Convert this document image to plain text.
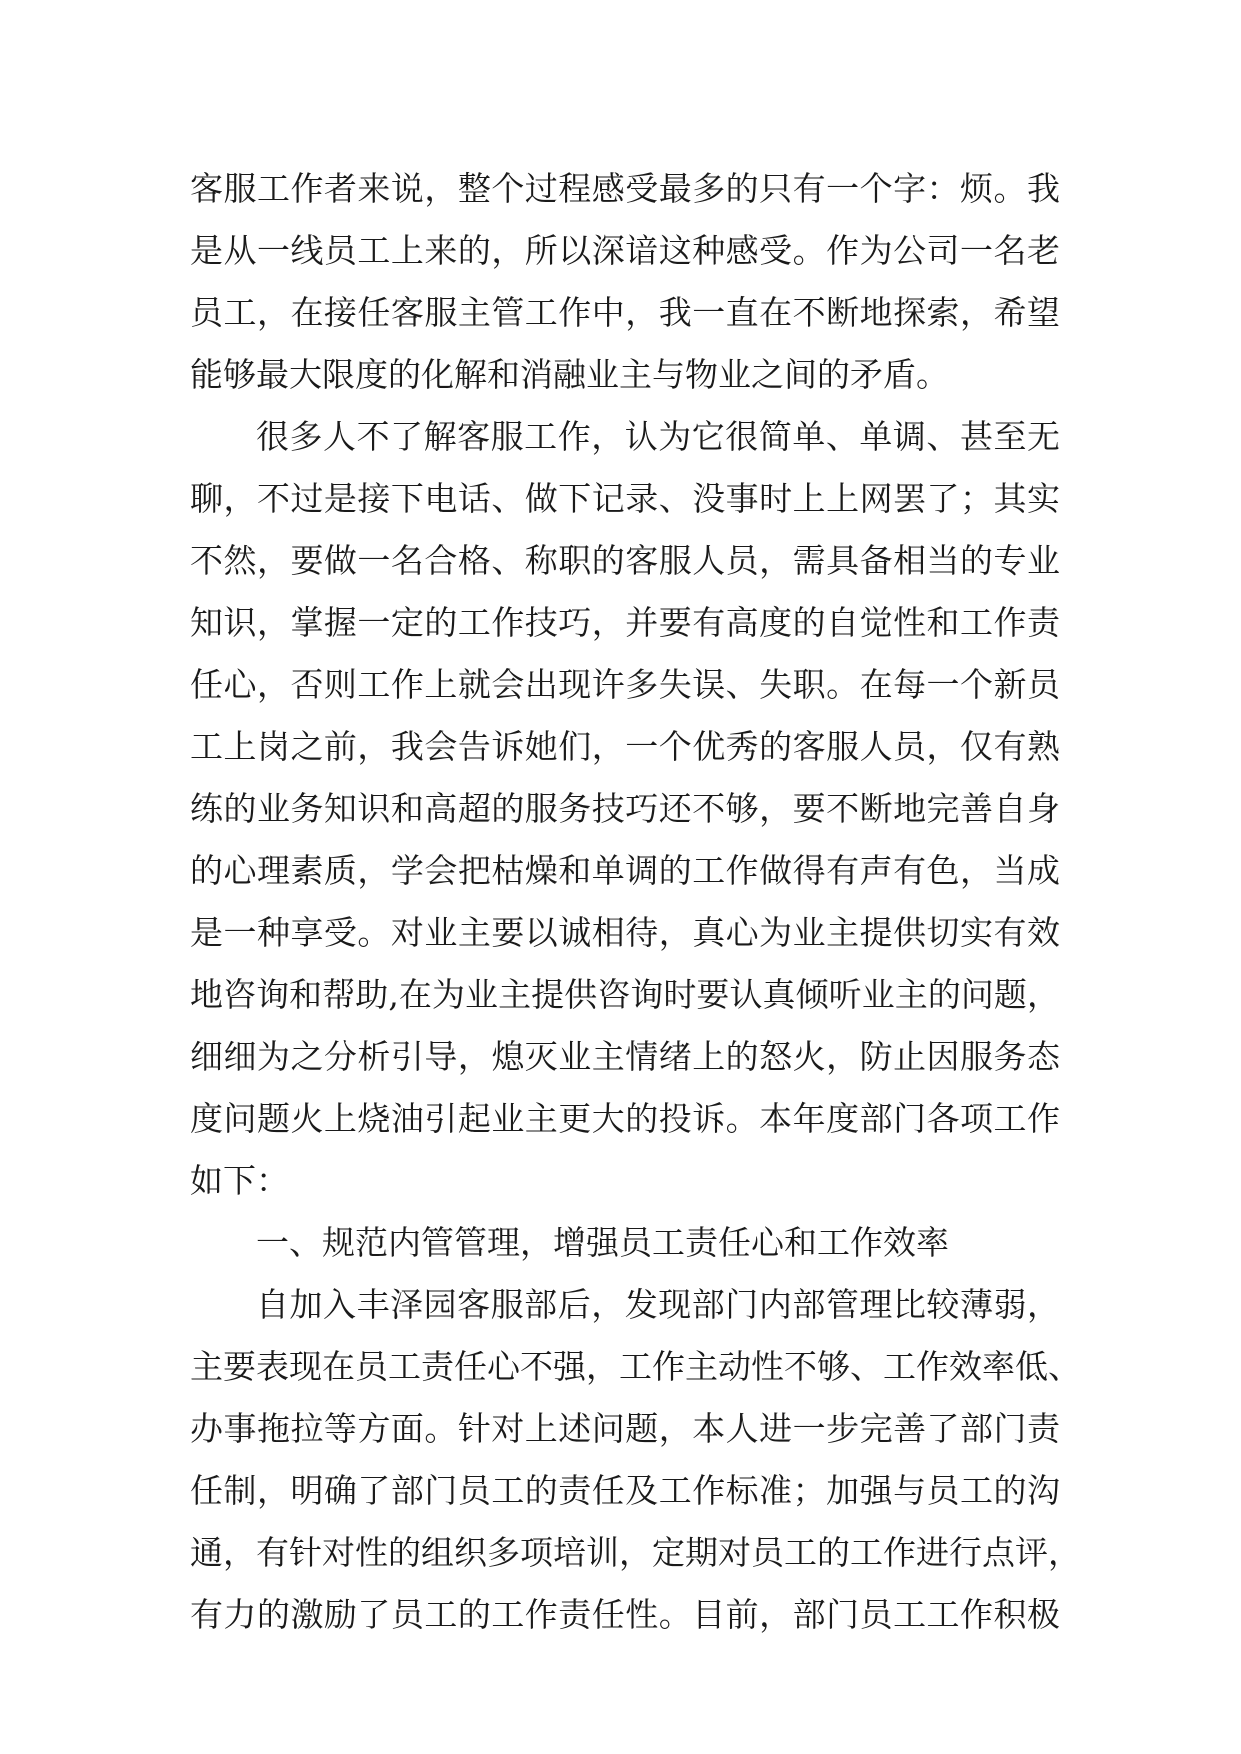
客服工作者来说，整个过程感受最多的只有一个字：烦。我
是从一线员工上来的，所以深谙这种感受。作为公司一名老
员工，在接任客服主管工作中，我一直在不断地探索，希望
能够最大限度的化解和消融业主与物业之间的矛盾。
很多人不了解客服工作，认为它很简单、单调、甚至无
聊，不过是接下电话、做下记录、没事时上上网罢了；其实
不然，要做一名合格、称职的客服人员，需具备相当的专业
知识，掌握一定的工作技巧，并要有高度的自觉性和工作责
任心，否则工作上就会出现许多失误、失职。在每一个新员
工上岗之前，我会告诉她们，一个优秀的客服人员，仅有熟
练的业务知识和高超的服务技巧还不够，要不断地完善自身
的心理素质，学会把枯燥和单调的工作做得有声有色，当成
是一种享受。对业主要以诚相待，真心为业主提供切实有效
地咨询和帮助,在为业主提供咨询时要认真倾听业主的问题，
细细为之分析引导，熄灭业主情绪上的怒火，防止因服务态
度问题火上烧油引起业主更大的投诉。本年度部门各项工作
如下：
一、规范内管管理，增强员工责任心和工作效率
自加入丰泽园客服部后，发现部门内部管理比较薄弱，
主要表现在员工责任心不强，工作主动性不够、工作效率低、
办事拖拉等方面。针对上述问题，本人进一步完善了部门责
任制，明确了部门员工的责任及工作标准；加强与员工的沟
通，有针对性的组织多项培训，定期对员工的工作进行点评，
有力的激励了员工的工作责任性。目前，部门员工工作积极
